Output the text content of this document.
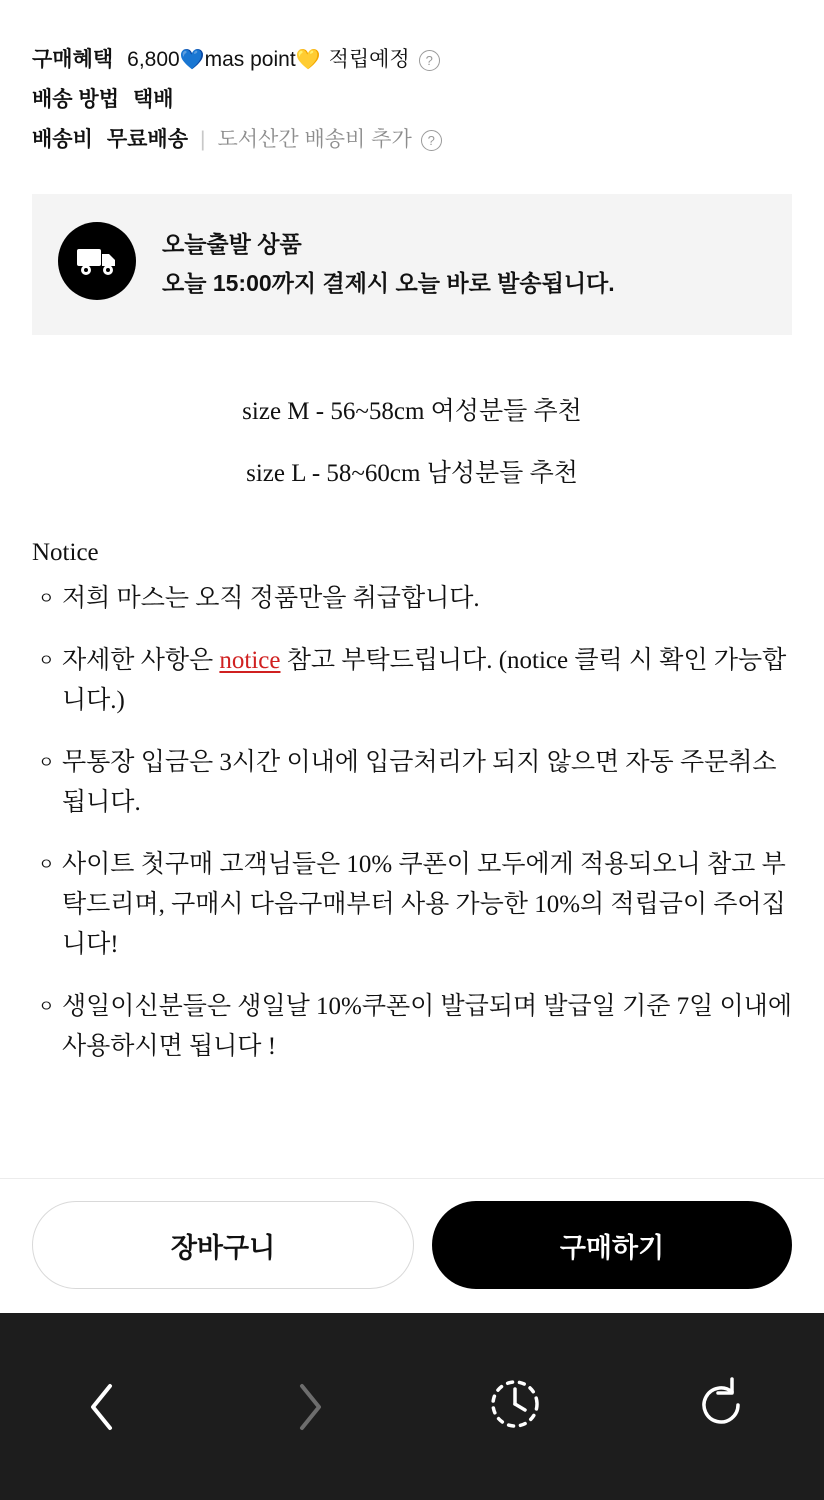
구매혜택 6,800 💙 mas point 💛 적립예정	?
배송 방법 택배
배송비 무료배송 | 도서산간 배송비 추가	?
오늘출발 상품
오늘 15:00까지 결제시 오늘 바로 발송됩니다.
size M - 56~58cm 여성분들 추천
size L - 58~60cm 남성분들 추천
Notice
ㅇ 저희 마스는 오직 정품만을 취급합니다.
ㅇ 자세한 사항은 notice 참고 부탁드립니다. (notice 클릭 시 확인 가능합니다.)
ㅇ 무통장 입금은 3시간 이내에 입금처리가 되지 않으면 자동 주문취소 됩니다.
ㅇ 사이트 첫구매 고객님들은 10% 쿠폰이 모두에게 적용되오니 참고 부탁드리며, 구매시 다음구매부터 사용 가능한 10%의 적립금이 주어집니다!
ㅇ 생일이신분들은 생일날 10%쿠폰이 발급되며 발급일 기준 7일 이내에 사용하시면 됩니다 !
장바구니	구매하기
